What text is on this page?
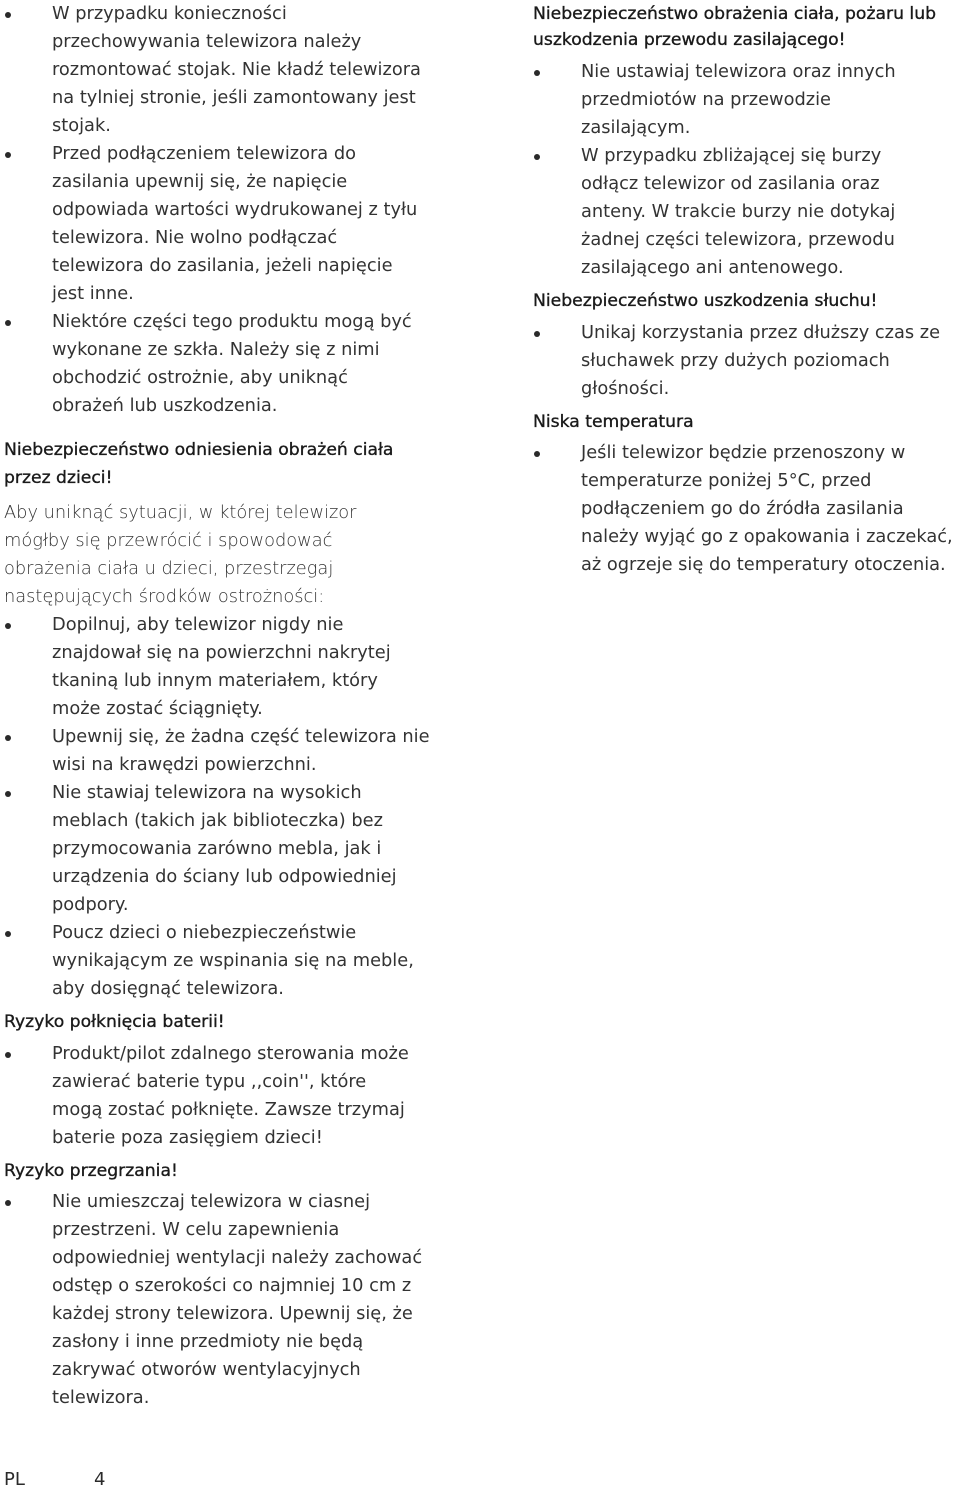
W przypadku konieczności przechowywania telewizora należy rozmontować stojak. Nie kładź telewizora na tylniej stronie, jeśli zamontowany jest stojak.
Przed podłączeniem telewizora do zasilania upewnij się, że napięcie odpowiada wartości wydrukowanej z tyłu telewizora. Nie wolno podłączać telewizora do zasilania, jeżeli napięcie jest inne.
Niektóre części tego produktu mogą być wykonane ze szkła. Należy się z nimi obchodzić ostrożnie, aby uniknąć obrażeń lub uszkodzenia.

Niebezpieczeństwo odniesienia obrażeń ciała przez dzieci!

Aby uniknąć sytuacji, w której telewizor mógłby się przewrócić i spowodować obrażenia ciała u dzieci, przestrzegaj następujących środków ostrożności:

Dopilnuj, aby telewizor nigdy nie znajdował się na powierzchni nakrytej tkaniną lub innym materiałem, który może zostać ściągnięty.
Upewnij się, że żadna część telewizora nie wisi na krawędzi powierzchni.
Nie stawiaj telewizora na wysokich meblach (takich jak biblioteczka) bez przymocowania zarówno mebla, jak i urządzenia do ściany lub odpowiedniej podpory.
Poucz dzieci o niebezpieczeństwie wynikającym ze wspinania się na meble, aby dosięgnąć telewizora.

Ryzyko połknięcia baterii!

Produkt/pilot zdalnego sterowania może zawierać baterie typu ,,coin'', które mogą zostać połknięte. Zawsze trzymaj baterie poza zasięgiem dzieci!

Ryzyko przegrzania!

Nie umieszczaj telewizora w ciasnej przestrzeni. W celu zapewnienia odpowiedniej wentylacji należy zachować odstęp o szerokości co najmniej 10 cm z każdej strony telewizora. Upewnij się, że zasłony i inne przedmioty nie będą zakrywać otworów wentylacyjnych telewizora.

Niebezpieczeństwo obrażenia ciała, pożaru lub uszkodzenia przewodu zasilającego!

Nie ustawiaj telewizora oraz innych przedmiotów na przewodzie zasilającym.
W przypadku zbliżającej się burzy odłącz telewizor od zasilania oraz anteny. W trakcie burzy nie dotykaj żadnej części telewizora, przewodu zasilającego ani antenowego.

Niebezpieczeństwo uszkodzenia słuchu!

Unikaj korzystania przez dłuższy czas ze słuchawek przy dużych poziomach głośności.

Niska temperatura

Jeśli telewizor będzie przenoszony w temperaturze poniżej 5°C, przed podłączeniem go do źródła zasilania należy wyjąć go z opakowania i zaczekać, aż ogrzeje się do temperatury otoczenia.
PL	4
